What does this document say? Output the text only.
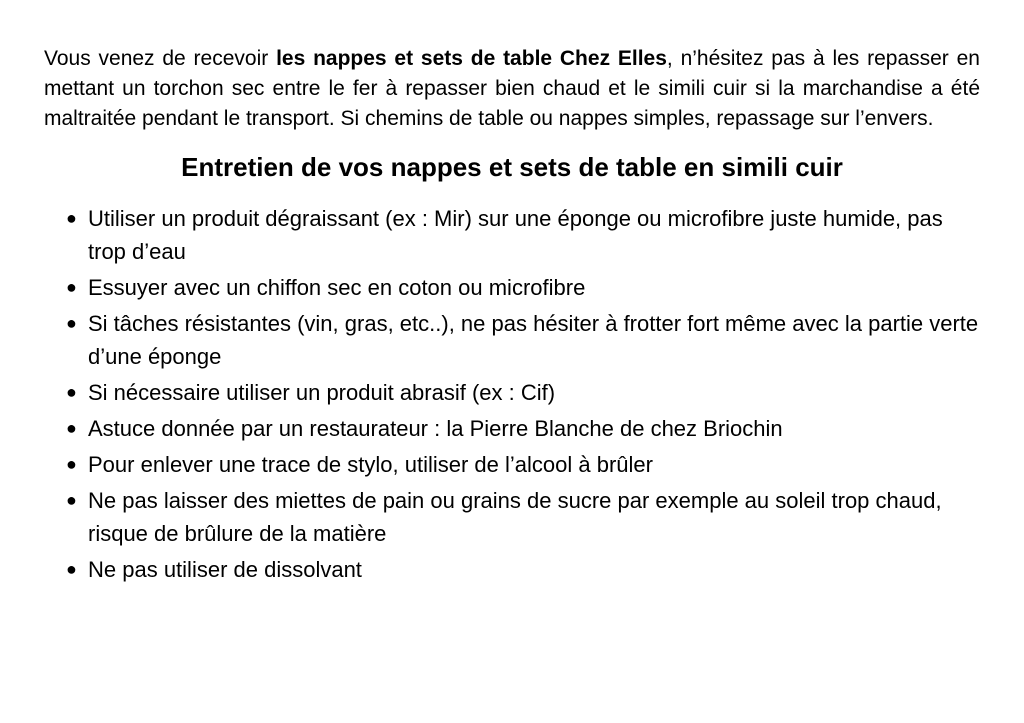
Vous venez de recevoir les nappes et sets de table Chez Elles, n’hésitez pas à les repasser en mettant un torchon sec entre le fer à repasser bien chaud et le simili cuir si la marchandise a été maltraitée pendant le transport. Si chemins de table ou nappes simples, repassage sur l’envers.

Entretien de vos nappes et sets de table en simili cuir
● Utiliser un produit dégraissant (ex : Mir) sur une éponge ou microfibre juste humide, pas trop d’eau
● Essuyer avec un chiffon sec en coton ou microfibre
● Si tâches résistantes (vin, gras, etc..), ne pas hésiter à frotter fort même avec la partie verte d’une éponge
● Si nécessaire utiliser un produit abrasif (ex : Cif)
● Astuce donnée par un restaurateur : la Pierre Blanche de chez Briochin
● Pour enlever une trace de stylo, utiliser de l’alcool à brûler
● Ne pas laisser des miettes de pain ou grains de sucre par exemple au soleil trop chaud, risque de brûlure de la matière
● Ne pas utiliser de dissolvant
